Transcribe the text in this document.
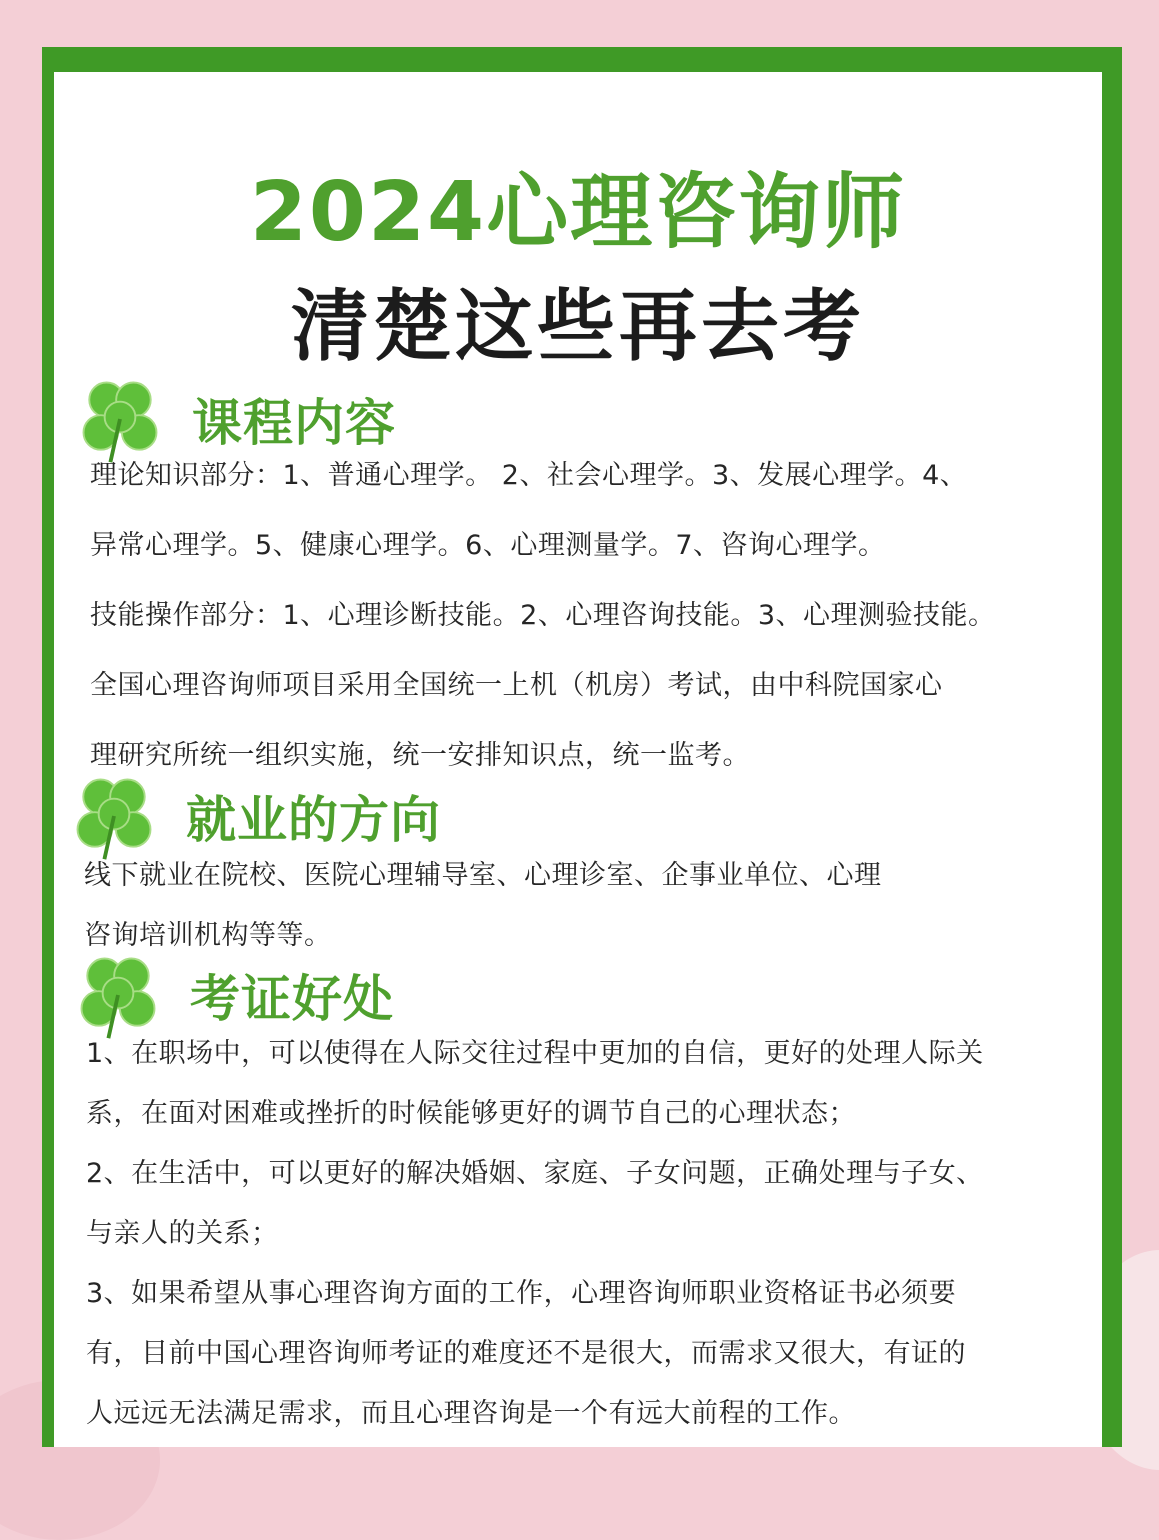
2024心理咨询师
清楚这些再去考
课程内容
理论知识部分：1、普通心理学。 2、社会心理学。3、发展心理学。4、
异常心理学。5、健康心理学。6、心理测量学。7、咨询心理学。
技能操作部分：1、心理诊断技能。2、心理咨询技能。3、心理测验技能。
全国心理咨询师项目采用全国统一上机（机房）考试，由中科院国家心
理研究所统一组织实施，统一安排知识点，统一监考。
就业的方向
线下就业在院校、医院心理辅导室、心理诊室、企事业单位、心理
咨询培训机构等等。
考证好处
1、在职场中，可以使得在人际交往过程中更加的自信，更好的处理人际关
系，在面对困难或挫折的时候能够更好的调节自己的心理状态；
2、在生活中，可以更好的解决婚姻、家庭、子女问题，正确处理与子女、
与亲人的关系；
3、如果希望从事心理咨询方面的工作，心理咨询师职业资格证书必须要
有，目前中国心理咨询师考证的难度还不是很大，而需求又很大，有证的
人远远无法满足需求，而且心理咨询是一个有远大前程的工作。
